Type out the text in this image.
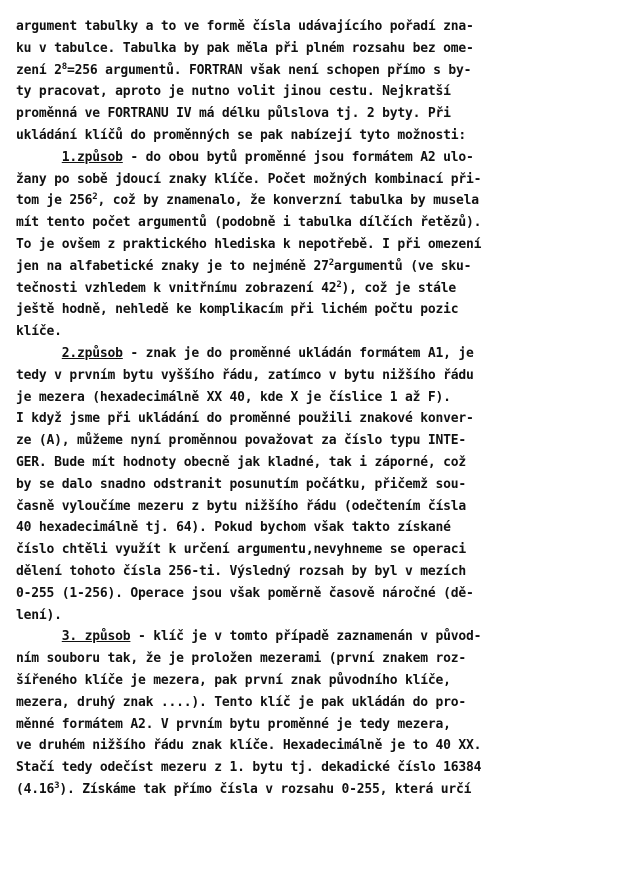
argument tabulky a to ve formě čísla udávajícího pořadí zna-
ku v tabulce. Tabulka by pak měla při plném rozsahu bez ome-
zení $2^8=256$ argumentů. FORTRAN však není schopen přímo s by-
ty pracovat, aproto je nutno volit jinou cestu. Nejkratší
proměnná ve FORTRANU IV má délku půlslova tj. 2 byty. Při
ukládání klíčů do proměnných se pak nabízejí tyto možnosti:
1.způsob - do obou bytů proměnné jsou formátem A2 ulo-
žany po sobě jdoucí znaky klíče. Počet možných kombinací při-
tom je $256^2$, což by znamenalo, že konverzní tabulka by musela
mít tento počet argumentů (podobně i tabulka dílčích řetězů).
To je ovšem z praktického hlediska k nepotřebě. I při omezení
jen na alfabetické znaky je to nejméně $27^2argumentů$ (ve sku-
tečnosti vzhledem k vnitřnímu zobrazení $42^2$), což je stále
ještě hodně, nehledě ke komplikacím při lichém počtu pozic
klíče.
2.způsob - znak je do proměnné ukládán formátem A1, je
tedy v prvním bytu vyššího řádu, zatímco v bytu nižšího řádu
je mezera (hexadecimálně XX 40, kde X je číslice 1 až F).
I když jsme při ukládání do proměnné použili znakové konver-
ze (A), můžeme nyní proměnnou považovat za číslo typu INTE-
GER. Bude mít hodnoty obecně jak kladné, tak i záporné, což
by se dalo snadno odstranit posunutím počátku, přičemž sou-
časně vyloučíme mezeru z bytu nižšího řádu (odečtením čísla
40 hexadecimálně tj. 64). Pokud bychom však takto získané
číslo chtěli využít k určení argumentu,nevyhneme se operaci
dělení tohoto čísla 256-ti. Výsledný rozsah by byl v mezích
0-255 (1-256). Operace jsou však poměrně časově náročné (dě-
lení).
3. způsob - klíč je v tomto případě zaznamenán v původ-
ním souboru tak, že je proložen mezerami (první znakem roz-
šířeného klíče je mezera, pak první znak původního klíče,
mezera, druhý znak ....). Tento klíč je pak ukládán do pro-
měnné formátem A2. V prvním bytu proměnné je tedy mezera,
ve druhém nižšího řádu znak klíče. Hexadecimálně je to 40 XX.
Stačí tedy odečíst mezeru z 1. bytu tj. dekadické číslo 16384
(4.16$^3$). Získáme tak přímo čísla v rozsahu 0-255, která určí
